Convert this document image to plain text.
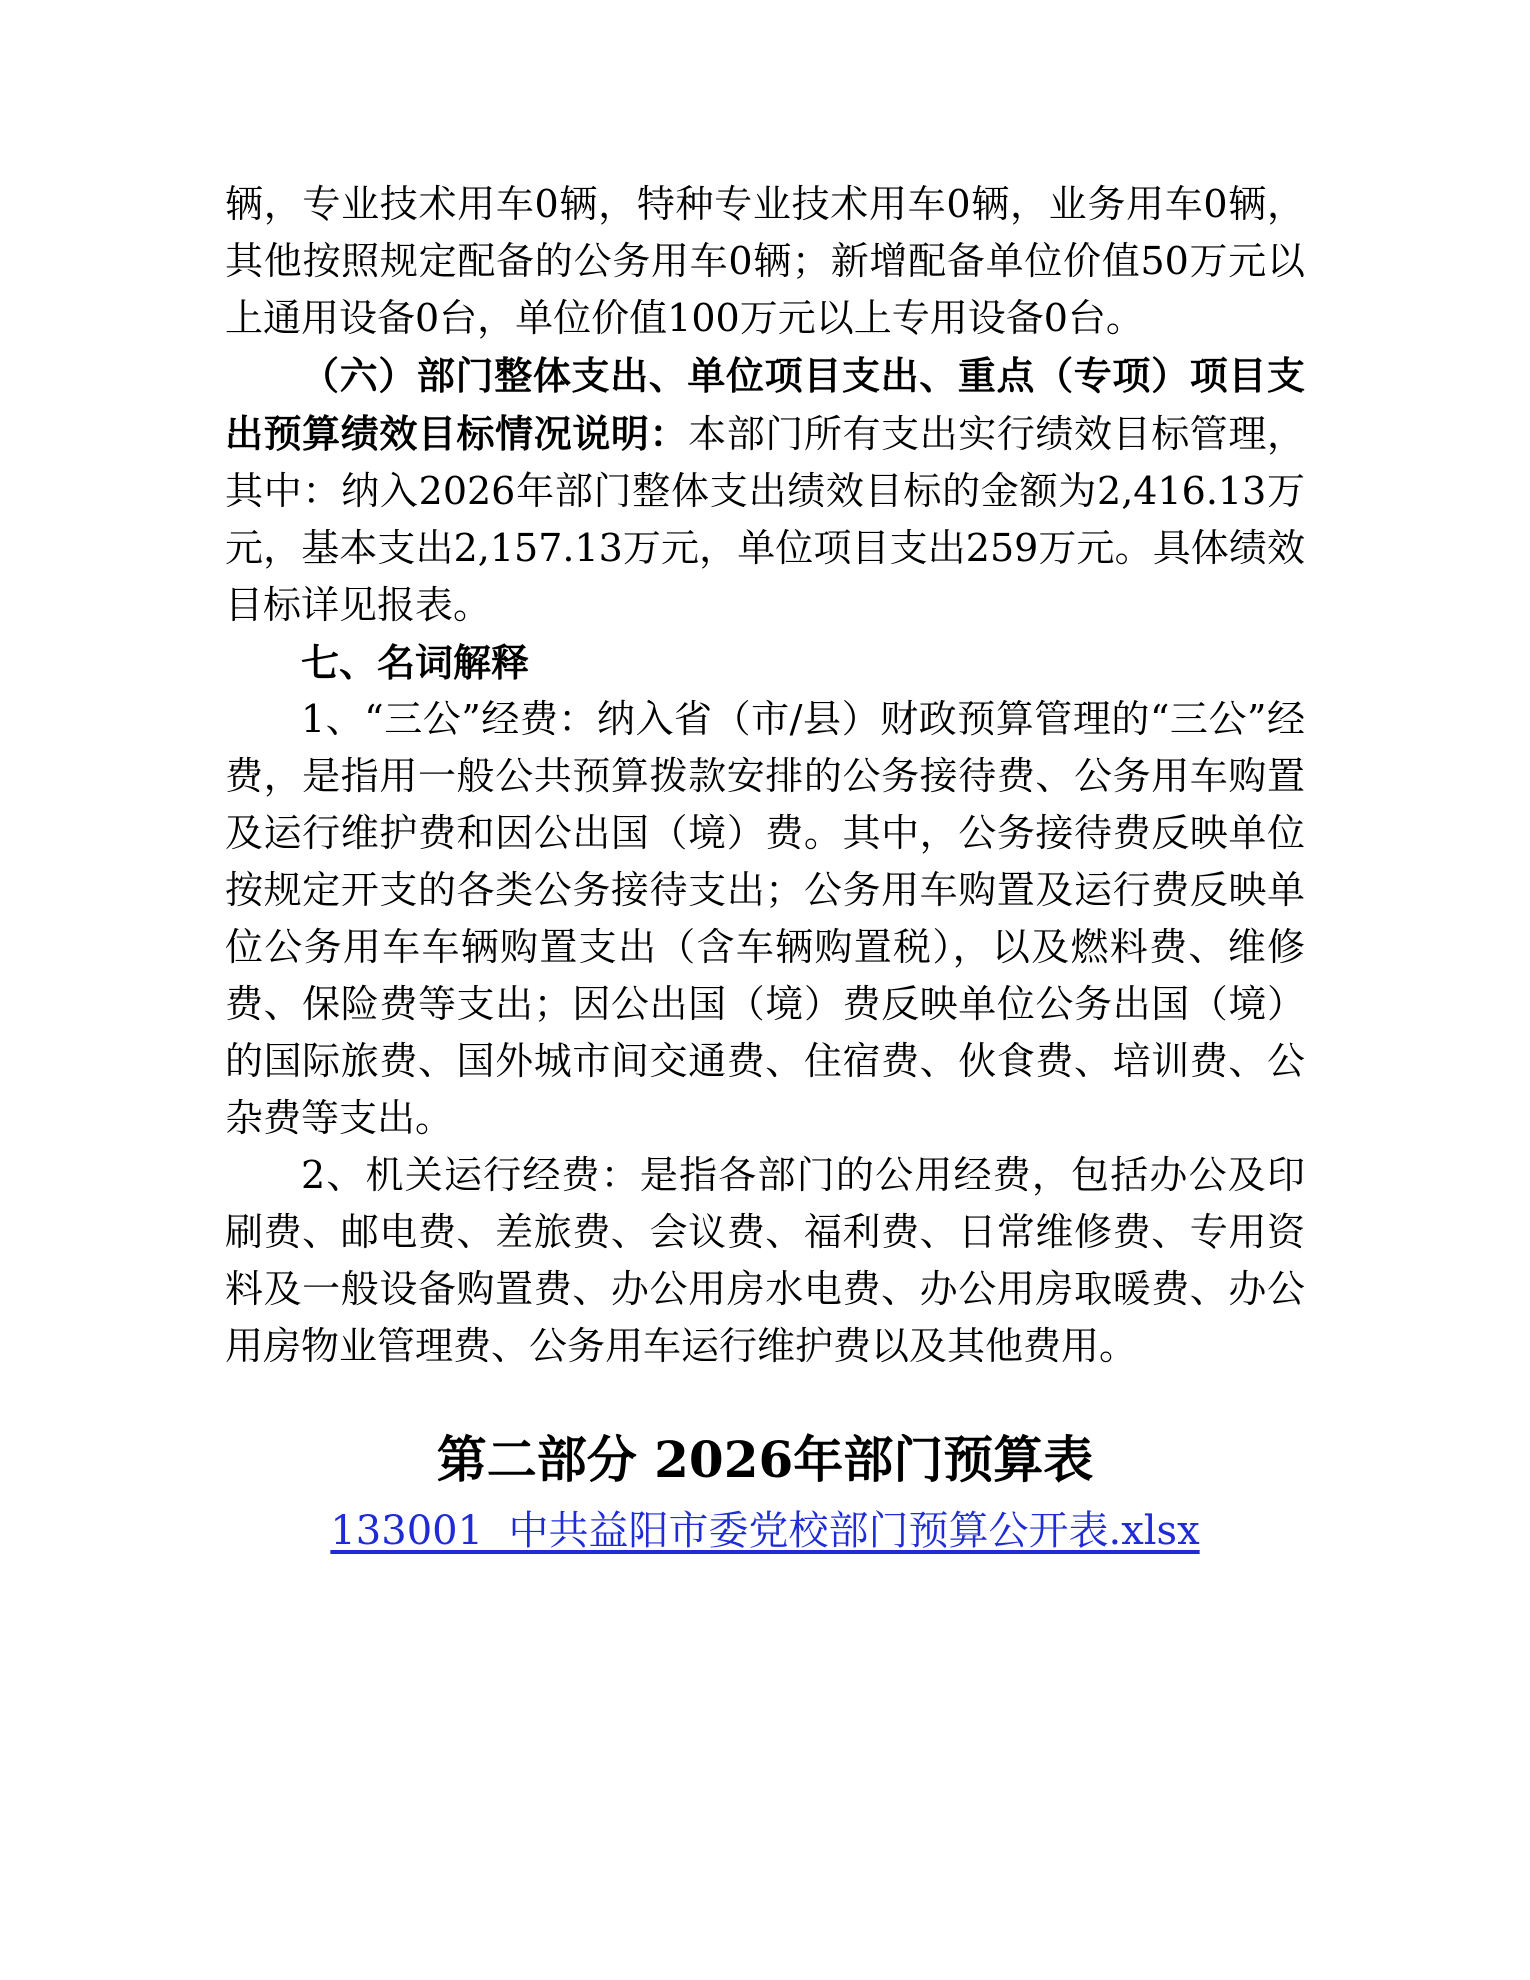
辆，专业技术用车0辆，特种专业技术用车0辆，业务用车0辆，其他按照规定配备的公务用车0辆；新增配备单位价值50万元以上通用设备0台，单位价值100万元以上专用设备0台。

（六）部门整体支出、单位项目支出、重点（专项）项目支出预算绩效目标情况说明：本部门所有支出实行绩效目标管理，其中：纳入2026年部门整体支出绩效目标的金额为2,416.13万元，基本支出2,157.13万元，单位项目支出259万元。具体绩效目标详见报表。

七、名词解释

1、“三公”经费：纳入省（市/县）财政预算管理的“三公”经费，是指用一般公共预算拨款安排的公务接待费、公务用车购置及运行维护费和因公出国（境）费。其中，公务接待费反映单位按规定开支的各类公务接待支出；公务用车购置及运行费反映单位公务用车车辆购置支出（含车辆购置税），以及燃料费、维修费、保险费等支出；因公出国（境）费反映单位公务出国（境）的国际旅费、国外城市间交通费、住宿费、伙食费、培训费、公杂费等支出。

2、机关运行经费：是指各部门的公用经费，包括办公及印刷费、邮电费、差旅费、会议费、福利费、日常维修费、专用资料及一般设备购置费、办公用房水电费、办公用房取暖费、办公用房物业管理费、公务用车运行维护费以及其他费用。

第二部分 2026年部门预算表

133001  中共益阳市委党校部门预算公开表.xlsx
